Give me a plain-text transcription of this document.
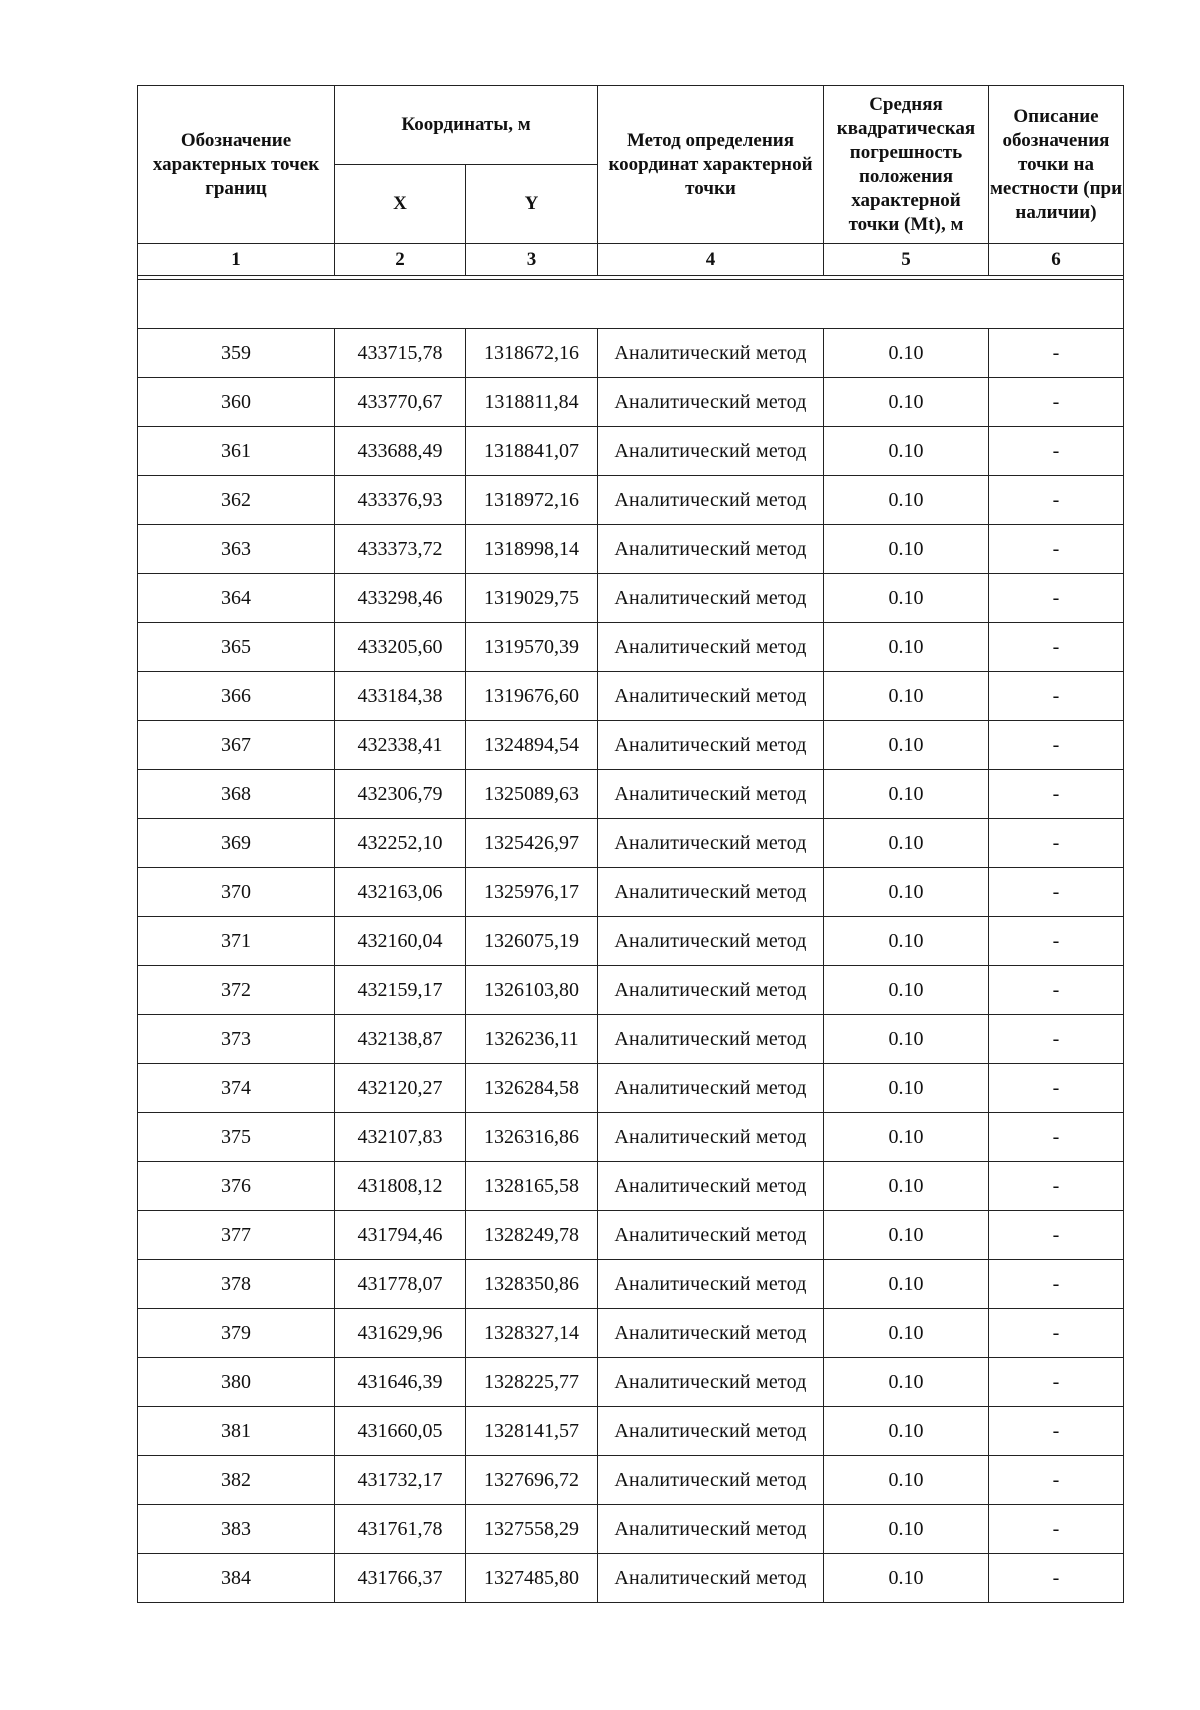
Обозначение характерных точек границ	Координаты, м		Метод определения координат характерной точки	Средняя квадратическая погрешность положения характерной точки (Mt), м	Описание обозначения точки на местности (при наличии)
	X	Y			
1	2	3	4	5	6

359	433715,78	1318672,16	Аналитический метод	0.10	-
360	433770,67	1318811,84	Аналитический метод	0.10	-
361	433688,49	1318841,07	Аналитический метод	0.10	-
362	433376,93	1318972,16	Аналитический метод	0.10	-
363	433373,72	1318998,14	Аналитический метод	0.10	-
364	433298,46	1319029,75	Аналитический метод	0.10	-
365	433205,60	1319570,39	Аналитический метод	0.10	-
366	433184,38	1319676,60	Аналитический метод	0.10	-
367	432338,41	1324894,54	Аналитический метод	0.10	-
368	432306,79	1325089,63	Аналитический метод	0.10	-
369	432252,10	1325426,97	Аналитический метод	0.10	-
370	432163,06	1325976,17	Аналитический метод	0.10	-
371	432160,04	1326075,19	Аналитический метод	0.10	-
372	432159,17	1326103,80	Аналитический метод	0.10	-
373	432138,87	1326236,11	Аналитический метод	0.10	-
374	432120,27	1326284,58	Аналитический метод	0.10	-
375	432107,83	1326316,86	Аналитический метод	0.10	-
376	431808,12	1328165,58	Аналитический метод	0.10	-
377	431794,46	1328249,78	Аналитический метод	0.10	-
378	431778,07	1328350,86	Аналитический метод	0.10	-
379	431629,96	1328327,14	Аналитический метод	0.10	-
380	431646,39	1328225,77	Аналитический метод	0.10	-
381	431660,05	1328141,57	Аналитический метод	0.10	-
382	431732,17	1327696,72	Аналитический метод	0.10	-
383	431761,78	1327558,29	Аналитический метод	0.10	-
384	431766,37	1327485,80	Аналитический метод	0.10	-
